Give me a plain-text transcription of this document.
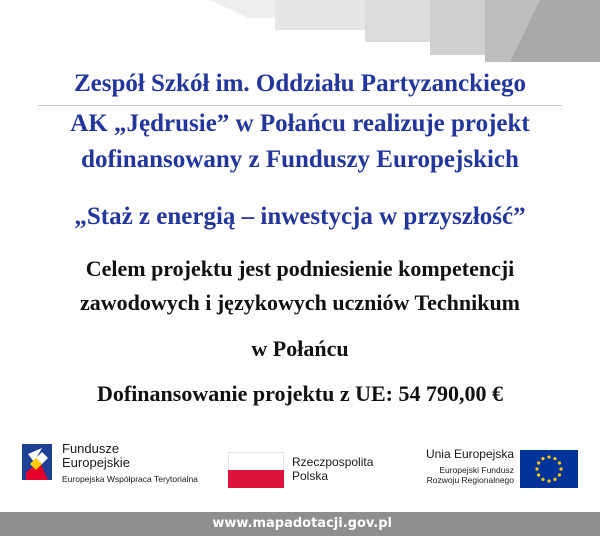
Zespół Szkół im. Oddziału Partyzanckiego
AK „Jędrusie” w Połańcu realizuje projekt
dofinansowany z Funduszy Europejskich
„Staż z energią – inwestycja w przyszłość”
Celem projektu jest podniesienie kompetencji
zawodowych i językowych uczniów Technikum
w Połańcu
Dofinansowanie projektu z UE: 54 790,00 €
Fundusze
Europejskie
Europejska Współpraca Terytorialna
Rzeczpospolita
Polska
Unia Europejska
Europejski Fundusz
Rozwoju Regionalnego
www.mapadotacji.gov.pl
